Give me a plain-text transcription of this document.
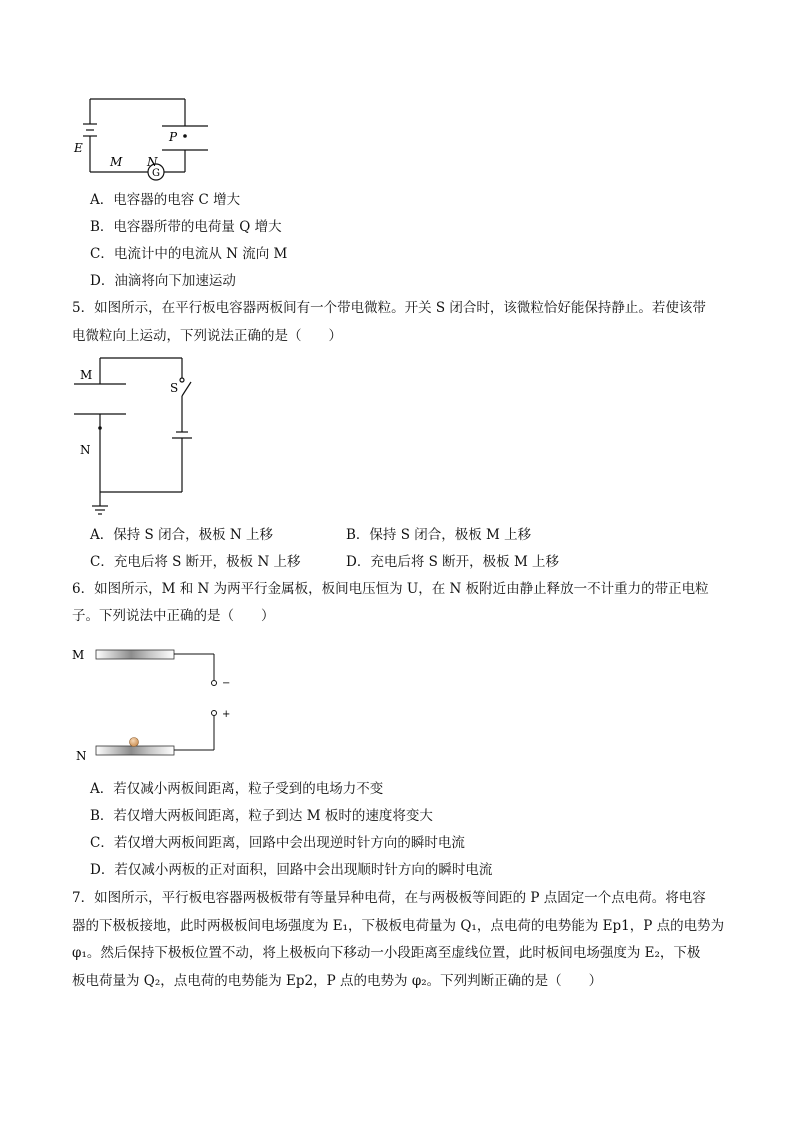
P
E
M N
G
A．电容器的电容 C 增大
B．电容器所带的电荷量 Q 增大
C．电流计中的电流从 N 流向 M
D．油滴将向下加速运动
5．如图所示，在平行板电容器两板间有一个带电微粒。开关 S 闭合时，该微粒恰好能保持静止。若使该带
电微粒向上运动，下列说法正确的是（　　）
M
N
S
A．保持 S 闭合，极板 N 上移	B．保持 S 闭合，极板 M 上移
C．充电后将 S 断开，极板 N 上移	D．充电后将 S 断开，极板 M 上移
6．如图所示，M 和 N 为两平行金属板，板间电压恒为 U，在 N 板附近由静止释放一不计重力的带正电粒
子。下列说法中正确的是（　　）
M
N
−
+
A．若仅减小两板间距离，粒子受到的电场力不变
B．若仅增大两板间距离，粒子到达 M 板时的速度将变大
C．若仅增大两板间距离，回路中会出现逆时针方向的瞬时电流
D．若仅减小两板的正对面积，回路中会出现顺时针方向的瞬时电流
7．如图所示，平行板电容器两极板带有等量异种电荷，在与两极板等间距的 P 点固定一个点电荷。将电容
器的下极板接地，此时两极板间电场强度为 E₁，下极板电荷量为 Q₁，点电荷的电势能为 Ep1，P 点的电势为
φ₁。然后保持下极板位置不动，将上极板向下移动一小段距离至虚线位置，此时板间电场强度为 E₂，下极
板电荷量为 Q₂，点电荷的电势能为 Ep2，P 点的电势为 φ₂。下列判断正确的是（　　）
